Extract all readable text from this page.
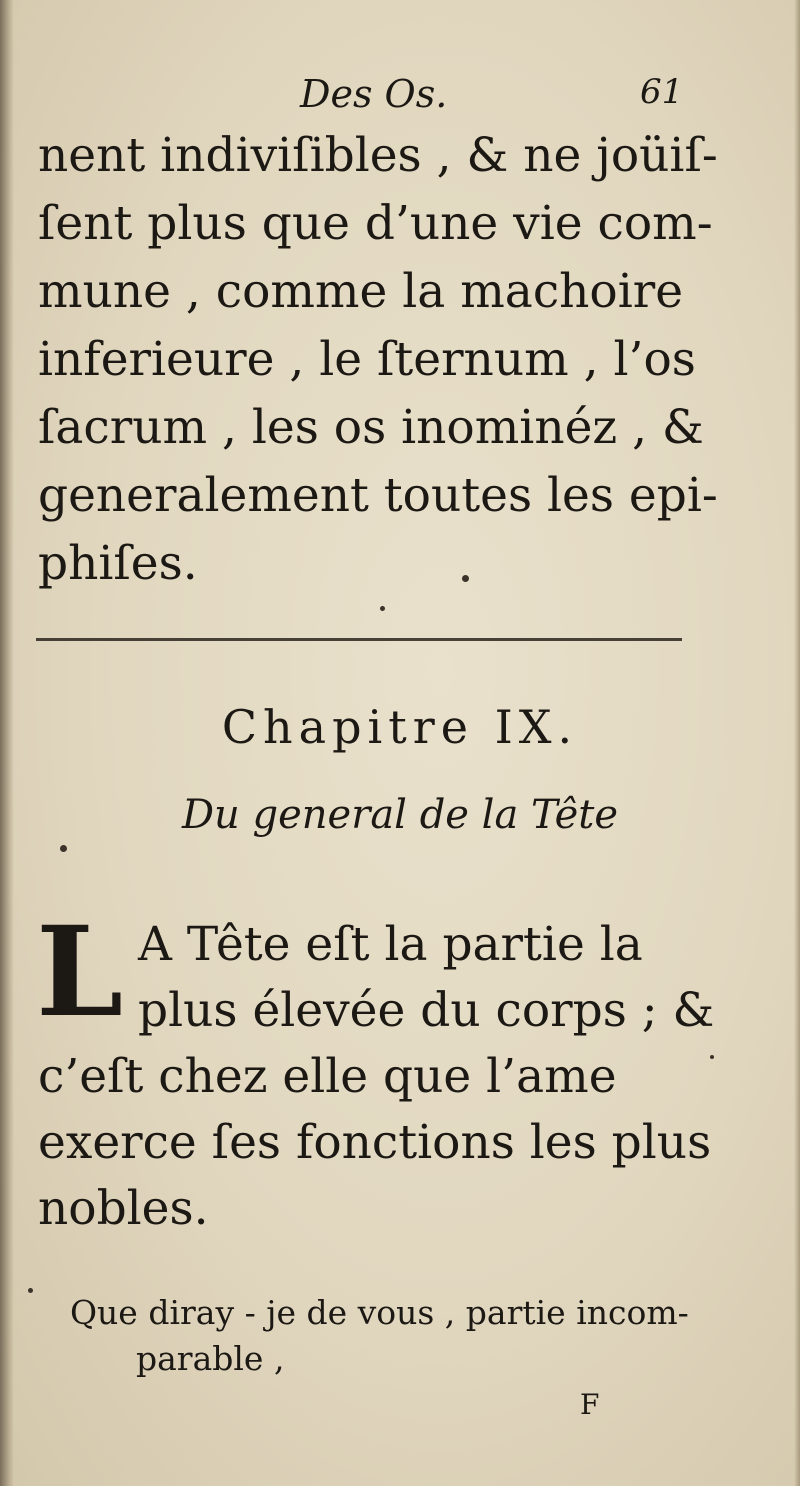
Des Os.	61
nent indiviſibles , & ne joüiſ-
ſent plus que d’une vie com-
mune , comme la machoire
inferieure , le ſternum , l’os
ſacrum , les os inominéz , &
generalement toutes les epi-
phiſes.
Chapitre IX.
Du general de la Tête
L A Tête eſt la partie la
plus élevée du corps ; &
c’eſt chez elle que l’ame
exerce ſes fonctions les plus
nobles.
Que diray - je de vous , partie incom-
parable ,
F
